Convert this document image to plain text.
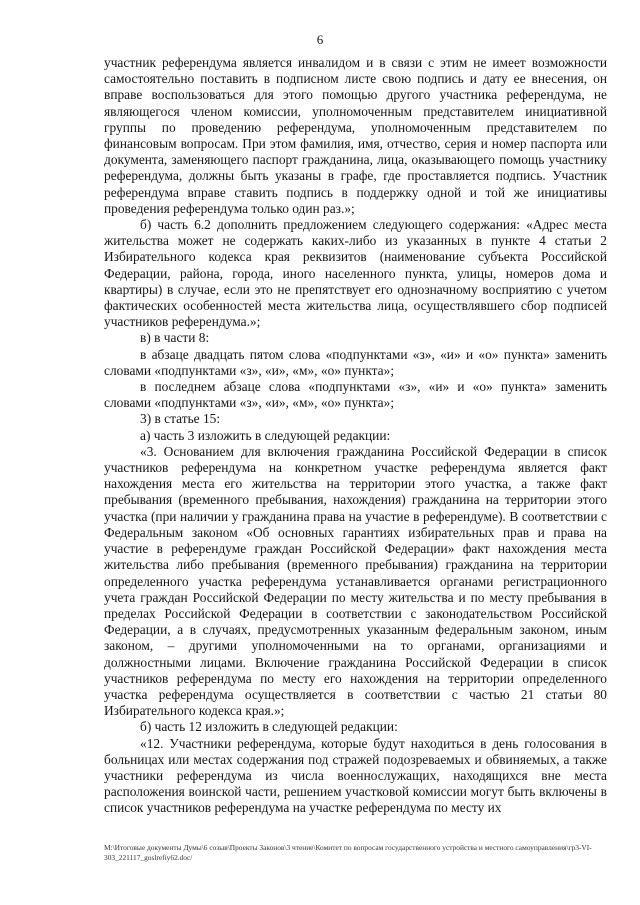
6

участник референдума является инвалидом и в связи с этим не имеет возможности самостоятельно поставить в подписном листе свою подпись и дату ее внесения, он вправе воспользоваться для этого помощью другого участника референдума, не являющегося членом комиссии, уполномоченным представителем инициативной группы по проведению референдума, уполномоченным представителем по финансовым вопросам. При этом фамилия, имя, отчество, серия и номер паспорта или документа, заменяющего паспорт гражданина, лица, оказывающего помощь участнику референдума, должны быть указаны в графе, где проставляется подпись. Участник референдума вправе ставить подпись в поддержку одной и той же инициативы проведения референдума только один раз.»;

б) часть 6.2 дополнить предложением следующего содержания: «Адрес места жительства может не содержать каких-либо из указанных в пункте 4 статьи 2 Избирательного кодекса края реквизитов (наименование субъекта Российской Федерации, района, города, иного населенного пункта, улицы, номеров дома и квартиры) в случае, если это не препятствует его однозначному восприятию с учетом фактических особенностей места жительства лица, осуществлявшего сбор подписей участников референдума.»;

в) в части 8:

в абзаце двадцать пятом слова «подпунктами «з», «и» и «о» пункта» заменить словами «подпунктами «з», «и», «м», «о» пункта»;

в последнем абзаце слова «подпунктами «з», «и» и «о» пункта» заменить словами «подпунктами «з», «и», «м», «о» пункта»;

3) в статье 15:

а) часть 3 изложить в следующей редакции:

«3. Основанием для включения гражданина Российской Федерации в список участников референдума на конкретном участке референдума является факт нахождения места его жительства на территории этого участка, а также факт пребывания (временного пребывания, нахождения) гражданина на территории этого участка (при наличии у гражданина права на участие в референдуме). В соответствии с Федеральным законом «Об основных гарантиях избирательных прав и права на участие в референдуме граждан Российской Федерации» факт нахождения места жительства либо пребывания (временного пребывания) гражданина на территории определенного участка референдума устанавливается органами регистрационного учета граждан Российской Федерации по месту жительства и по месту пребывания в пределах Российской Федерации в соответствии с законодательством Российской Федерации, а в случаях, предусмотренных указанным федеральным законом, иным законом, – другими уполномоченными на то органами, организациями и должностными лицами. Включение гражданина Российской Федерации в список участников референдума по месту его нахождения на территории определенного участка референдума осуществляется в соответствии с частью 21 статьи 80 Избирательного кодекса края.»;

б) часть 12 изложить в следующей редакции:

«12. Участники референдума, которые будут находиться в день голосования в больницах или местах содержания под стражей подозреваемых и обвиняемых, а также участники референдума из числа военнослужащих, находящихся вне места расположения воинской части, решением участковой комиссии могут быть включены в список участников референдума на участке референдума по месту их

М:\Итоговые документы Думы\6 созыв\Проекты Законов\3 чтение\Комитет по вопросам государственного устройства и местного самоуправления\гр3-VI-303_221117_goslrefiy62.doc/
